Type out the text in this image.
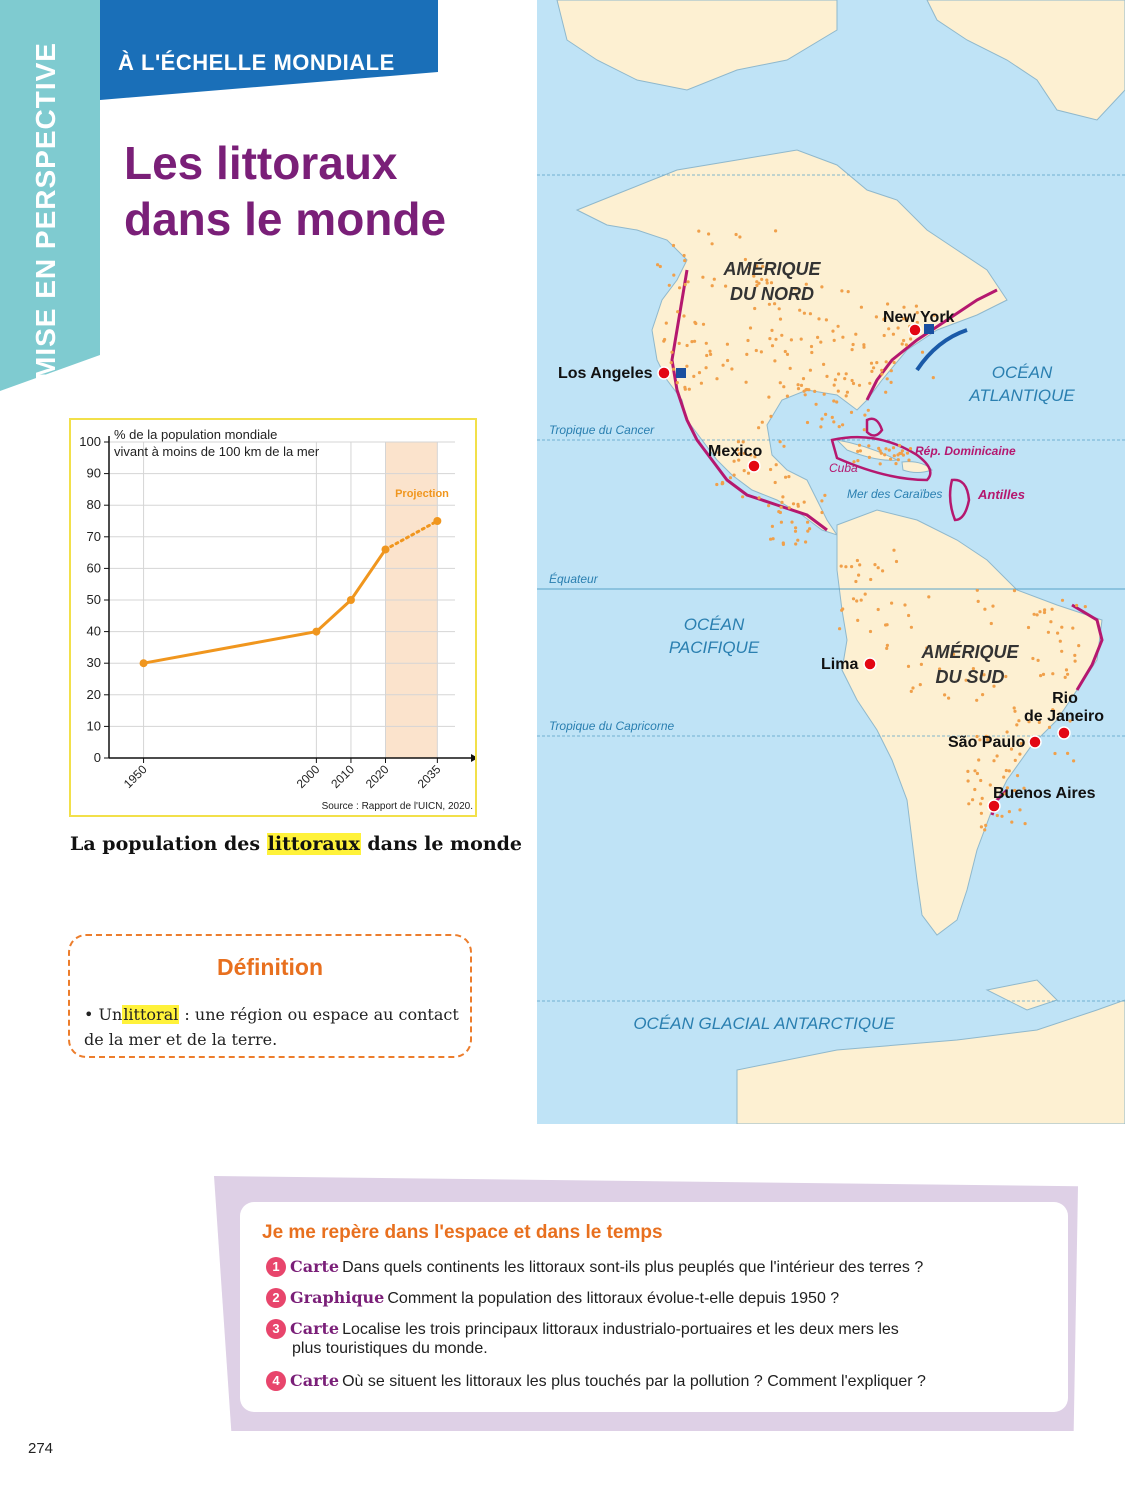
MISE EN PERSPECTIVE	À L'ÉCHELLE MONDIALE
Les littoraux
dans le monde
0
10
20
30
40
50
60
70
80
90
100
1950	2000 2010 2020 2035
% de la population mondiale
vivant à moins de 100 km de la mer
Projection
Source : Rapport de l'UICN, 2020.
La population des littoraux dans le monde
Définition
• Unlittoral : une région ou espace au contact de la mer et de la terre.
Tropique du Cancer
Équateur
Tropique du Capricorne
AMÉRIQUE
DU NORD
AMÉRIQUE
DU SUD
OCÉAN
ATLANTIQUE
OCÉAN
PACIFIQUE
OCÉAN GLACIAL ANTARCTIQUE
Cuba
Rép. Dominicaine
Mer des Caraïbes	Antilles
Los Angeles
New York
Mexico
Lima
São Paulo
Rio
de Janeiro
Buenos Aires
Je me repère dans l'espace et dans le temps
1 Carte Dans quels continents les littoraux sont-ils plus peuplés que l'intérieur des terres ?
2 Graphique Comment la population des littoraux évolue-t-elle depuis 1950 ?
3 Carte Localise les trois principaux littoraux industrialo-portuaires et les deux mers les
plus touristiques du monde.
4 Carte Où se situent les littoraux les plus touchés par la pollution ? Comment l'expliquer ?
274
